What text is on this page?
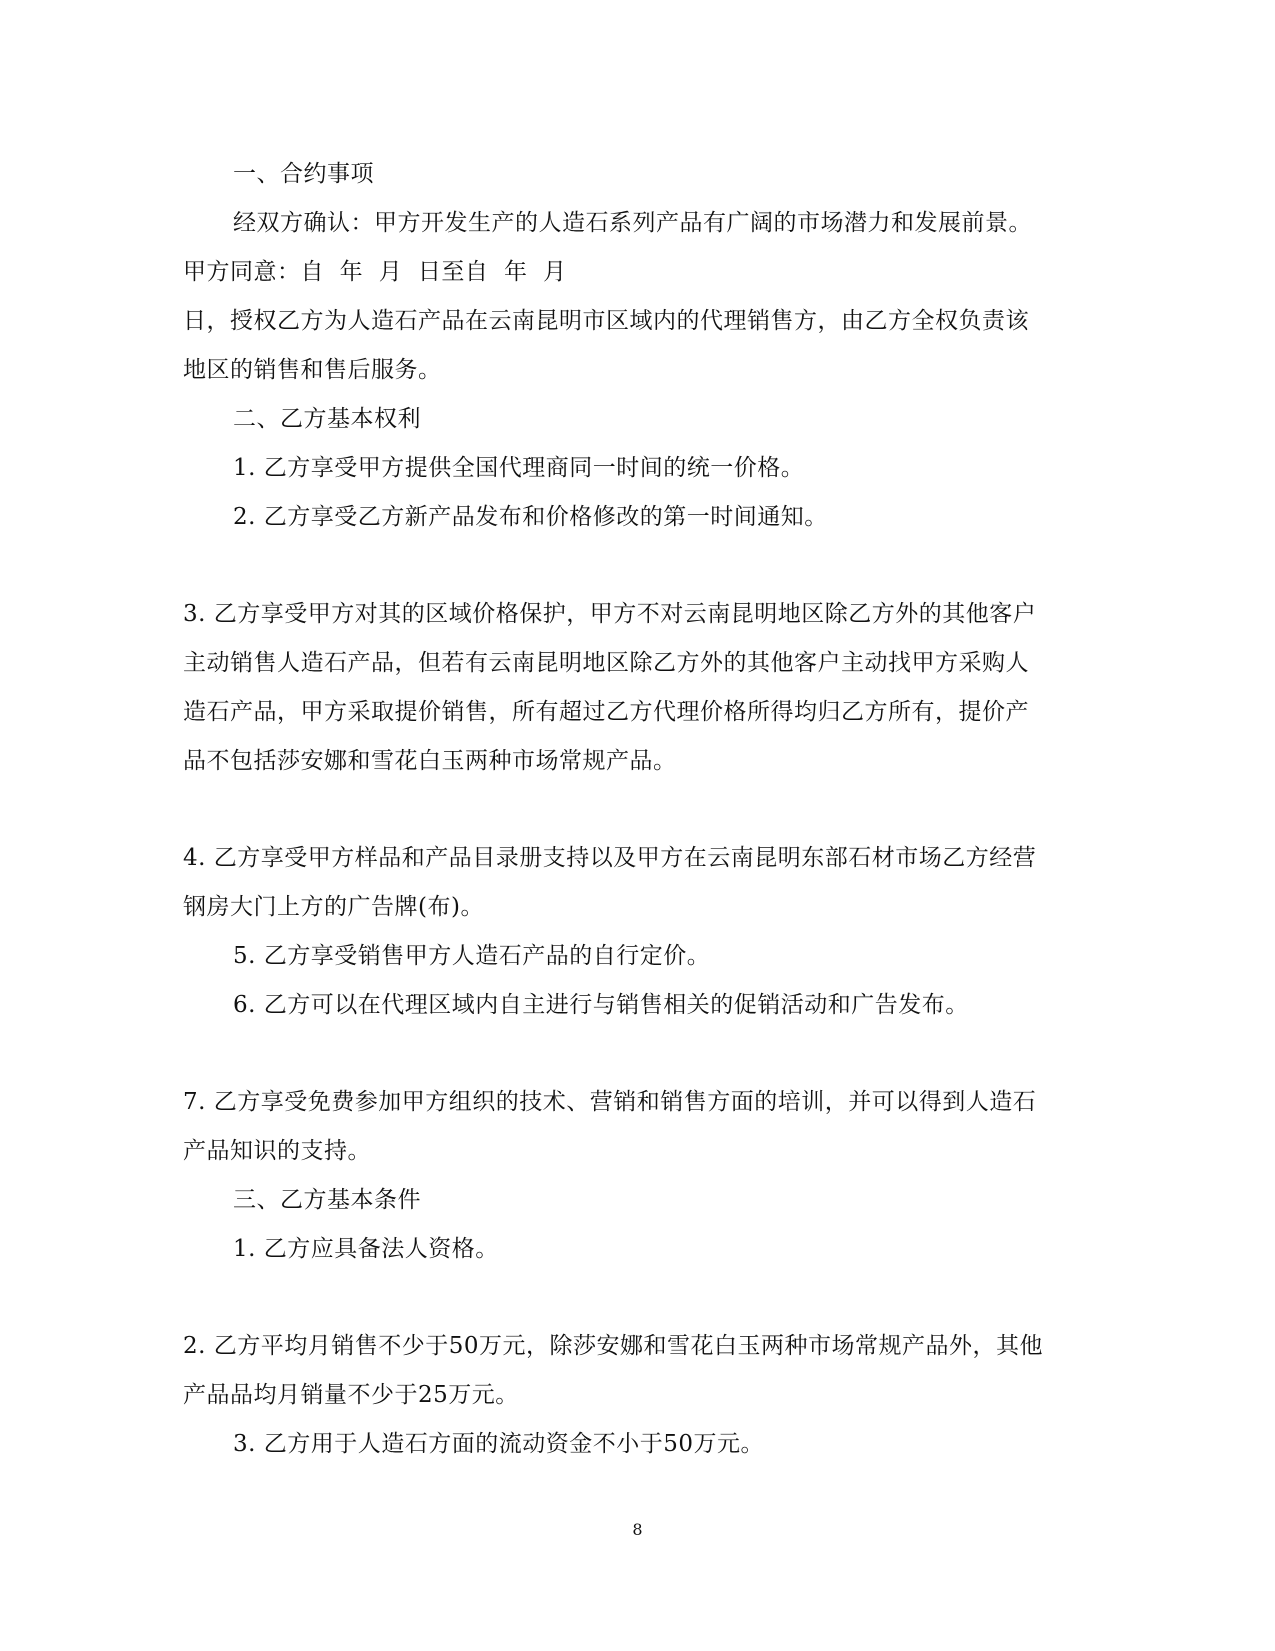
一、合约事项
经双方确认：甲方开发生产的人造石系列产品有广阔的市场潜力和发展前景。
甲方同意：自  年  月  日至自  年  月
日，授权乙方为人造石产品在云南昆明市区域内的代理销售方，由乙方全权负责该
地区的销售和售后服务。
二、乙方基本权利
1. 乙方享受甲方提供全国代理商同一时间的统一价格。
2. 乙方享受乙方新产品发布和价格修改的第一时间通知。
3. 乙方享受甲方对其的区域价格保护，甲方不对云南昆明地区除乙方外的其他客户
主动销售人造石产品，但若有云南昆明地区除乙方外的其他客户主动找甲方采购人
造石产品，甲方采取提价销售，所有超过乙方代理价格所得均归乙方所有，提价产
品不包括莎安娜和雪花白玉两种市场常规产品。
4. 乙方享受甲方样品和产品目录册支持以及甲方在云南昆明东部石材市场乙方经营
钢房大门上方的广告牌(布)。
5. 乙方享受销售甲方人造石产品的自行定价。
6. 乙方可以在代理区域内自主进行与销售相关的促销活动和广告发布。
7. 乙方享受免费参加甲方组织的技术、营销和销售方面的培训，并可以得到人造石
产品知识的支持。
三、乙方基本条件
1. 乙方应具备法人资格。
2. 乙方平均月销售不少于50万元，除莎安娜和雪花白玉两种市场常规产品外，其他
产品品均月销量不少于25万元。
3. 乙方用于人造石方面的流动资金不小于50万元。
8
